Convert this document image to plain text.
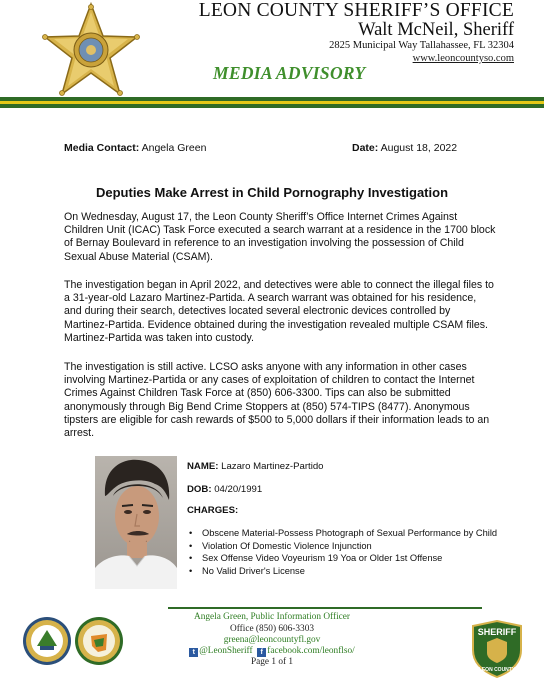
LEON COUNTY SHERIFF’S OFFICE
Walt McNeil, Sheriff
2825 Municipal Way Tallahassee, FL 32304
www.leoncountyso.com
MEDIA ADVISORY
Media Contact: Angela Green	Date: August 18, 2022
Deputies Make Arrest in Child Pornography Investigation
On Wednesday, August 17, the Leon County Sheriff’s Office Internet Crimes Against
Children Unit (ICAC) Task Force executed a search warrant at a residence in the 1700 block
of Bernay Boulevard in reference to an investigation involving the possession of Child
Sexual Abuse Material (CSAM).
The investigation began in April 2022, and detectives were able to connect the illegal files to
a 31-year-old Lazaro Martinez-Partida. A search warrant was obtained for his residence,
and during their search, detectives located several electronic devices controlled by
Martinez-Partida. Evidence obtained during the investigation revealed multiple CSAM files.
Martinez-Partida was taken into custody.
The investigation is still active. LCSO asks anyone with any information in other cases
involving Martinez-Partida or any cases of exploitation of children to contact the Internet
Crimes Against Children Task Force at (850) 606-3300. Tips can also be submitted
anonymously through Big Bend Crime Stoppers at (850) 574-TIPS (8477). Anonymous
tipsters are eligible for cash rewards of $500 to 5,000 dollars if their information leads to an
arrest.
NAME: Lazaro Martinez-Partido
DOB: 04/20/1991
CHARGES:
• Obscene Material-Possess Photograph of Sexual Performance by Child
• Violation Of Domestic Violence Injunction
• Sex Offense Video Voyeurism 19 Yoa or Older 1st Offense
• No Valid Driver's License
Angela Green, Public Information Officer
Office (850) 606-3303
greena@leoncountyfl.gov
t @LeonSheriff f facebook.com/leonflso/
Page 1 of 1
SHERIFF
LEON COUNTY
